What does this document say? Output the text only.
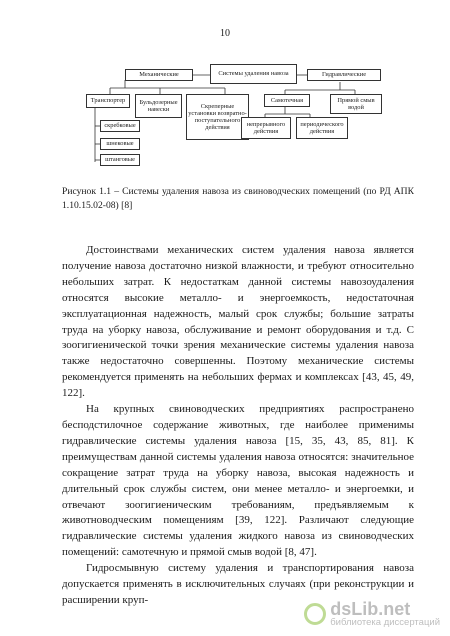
10
Системы удаления навоза
Механические	Гидравлические
Транспортер	Бульдозерные навески	Скреперные установки возвратно-поступательного действия
Самотечная	Прямой смыв водой
скребковые
шнековые
штанговые
непрерывного действия
периодического действия
Рисунок 1.1 – Системы удаления навоза из свиноводческих помещений (по РД АПК 1.10.15.02-08) [8]

Достоинствами механических систем удаления навоза является получение навоза достаточно низкой влажности, и требуют относительно небольших затрат. К недостаткам данной системы навозоудаления относятся высокие металло- и энергоемкость, недостаточная эксплуатационная надежность, малый срок службы; большие затраты труда на уборку навоза, обслуживание и ремонт оборудования и т.д. С зоогигиенической точки зрения механические системы удаления навоза также недостаточно совершенны. Поэтому механические системы рекомендуется применять на небольших фермах и комплексах [43, 45, 49, 122].

На крупных свиноводческих предприятиях распространено бесподстилочное содержание животных, где наиболее применимы гидравлические системы удаления навоза [15, 35, 43, 85, 81]. К преимуществам данной системы удаления навоза относятся: значительное сокращение затрат труда на уборку навоза, высокая надежность и длительный срок службы систем, они менее металло- и энергоемки, и отвечают зоогигиеническим требованиям, предъявляемым к животноводческим помещениям [39, 122]. Различают следующие гидравлические системы удаления жидкого навоза из свиноводческих помещений: самотечную и прямой смыв водой [8, 47].

Гидросмывную систему удаления и транспортирования навоза допускается применять в исключительных случаях (при реконструкции и расширении круп-	dsLib.net
библиотека диссертаций
